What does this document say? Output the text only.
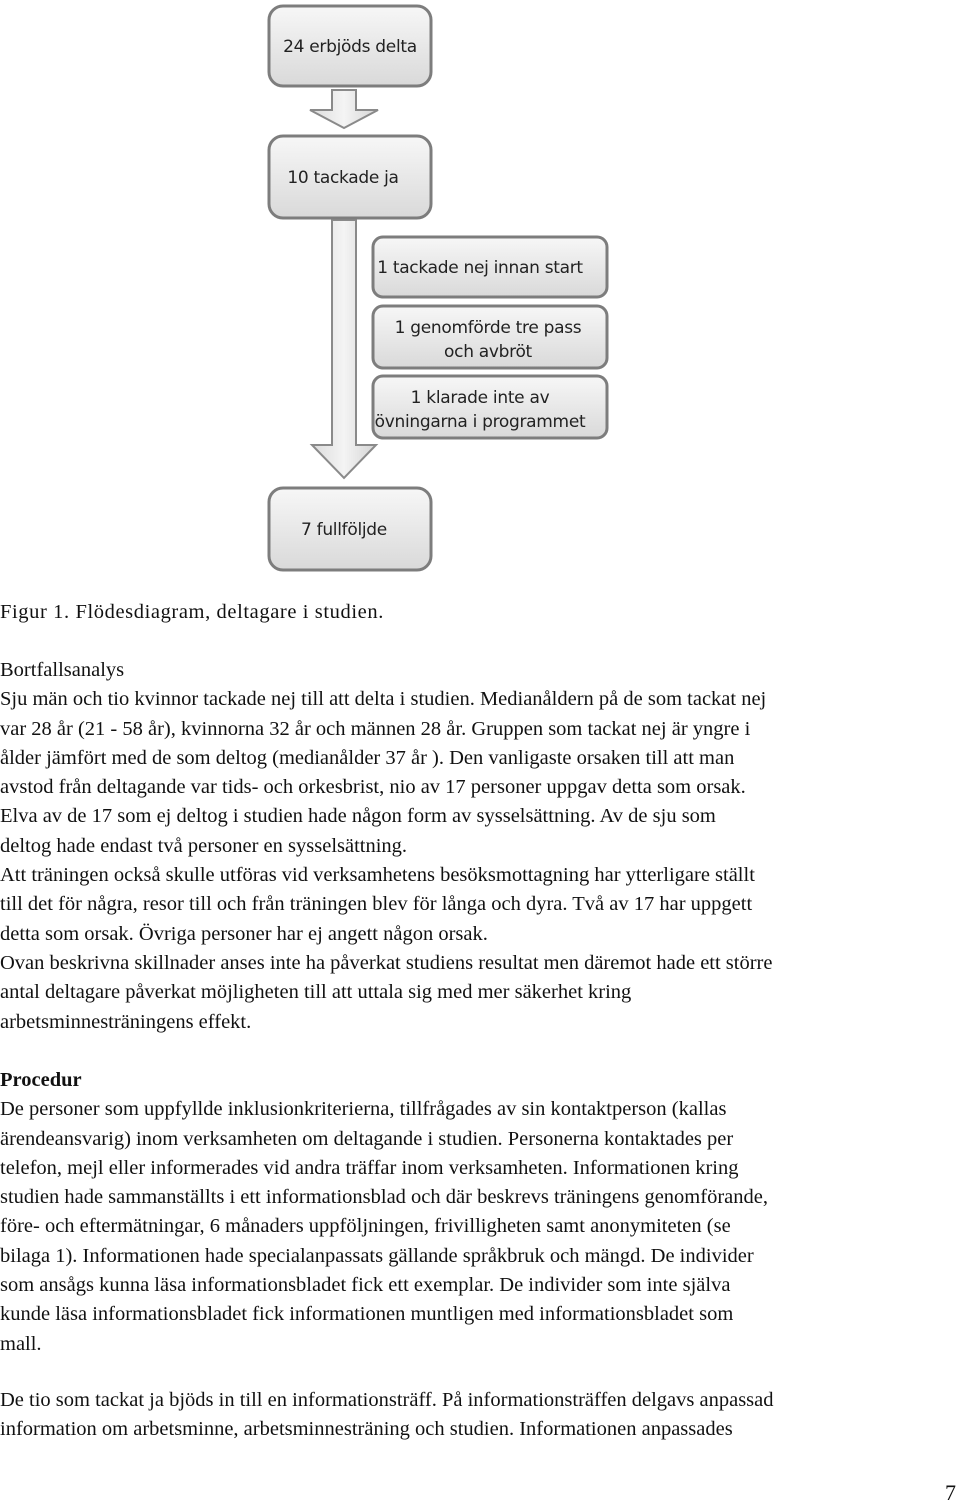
24 erbjöds delta
10 tackade ja
1 tackade nej innan start
1 genomförde tre pass
och avbröt
1 klarade inte av
övningarna i programmet
7 fullföljde
Figur 1. Flödesdiagram, deltagare i studien.
Bortfallsanalys
Sju män och tio kvinnor tackade nej till att delta i studien. Medianåldern på de som tackat nej
var 28 år (21 - 58 år), kvinnorna 32 år och männen 28 år. Gruppen som tackat nej är yngre i
ålder jämfört med de som deltog (medianålder 37 år ). Den vanligaste orsaken till att man
avstod från deltagande var tids- och orkesbrist, nio av 17 personer uppgav detta som orsak.
Elva av de 17 som ej deltog i studien hade någon form av sysselsättning. Av de sju som
deltog hade endast två personer en sysselsättning.
Att träningen också skulle utföras vid verksamhetens besöksmottagning har ytterligare ställt
till det för några, resor till och från träningen blev för långa och dyra. Två av 17 har uppgett
detta som orsak. Övriga personer har ej angett någon orsak.
Ovan beskrivna skillnader anses inte ha påverkat studiens resultat men däremot hade ett större
antal deltagare påverkat möjligheten till att uttala sig med mer säkerhet kring
arbetsminnesträningens effekt.
Procedur
De personer som uppfyllde inklusionkriterierna, tillfrågades av sin kontaktperson (kallas
ärendeansvarig) inom verksamheten om deltagande i studien. Personerna kontaktades per
telefon, mejl eller informerades vid andra träffar inom verksamheten. Informationen kring
studien hade sammanställts i ett informationsblad och där beskrevs träningens genomförande,
före- och eftermätningar, 6 månaders uppföljningen, frivilligheten samt anonymiteten (se
bilaga 1). Informationen hade specialanpassats gällande språkbruk och mängd. De individer
som ansågs kunna läsa informationsbladet fick ett exemplar. De individer som inte själva
kunde läsa informationsbladet fick informationen muntligen med informationsbladet som
mall.
De tio som tackat ja bjöds in till en informationsträff. På informationsträffen delgavs anpassad
information om arbetsminne, arbetsminnesträning och studien. Informationen anpassades
7
